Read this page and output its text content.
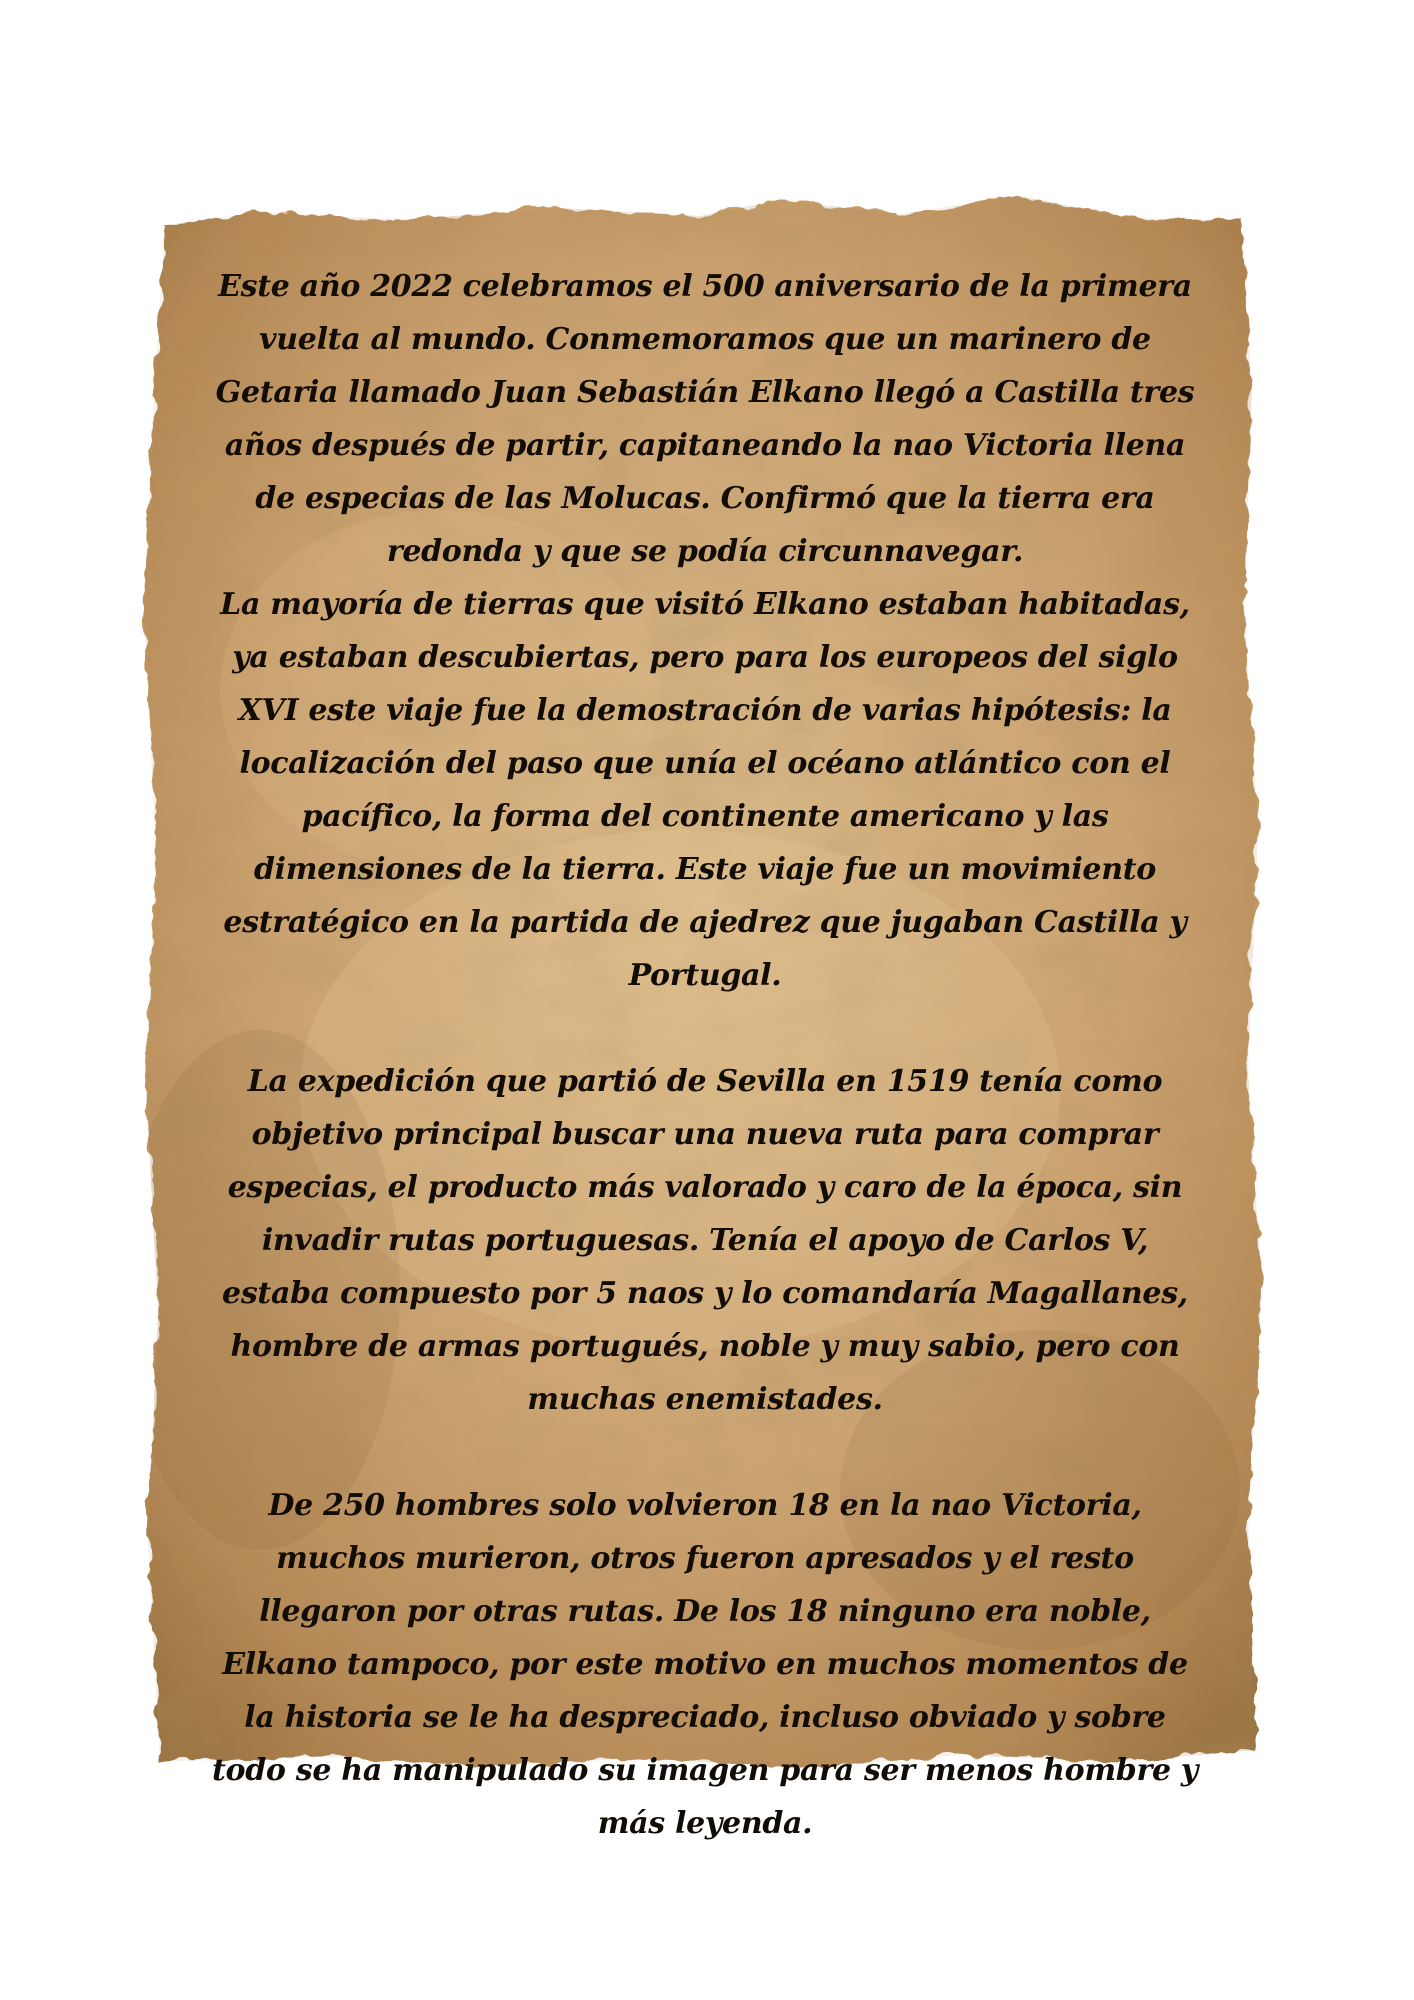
Este año 2022 celebramos el 500 aniversario de la primera vuelta al mundo. Conmemoramos que un marinero de Getaria llamado Juan Sebastián Elkano llegó a Castilla tres años después de partir, capitaneando la nao Victoria llena de especias de las Molucas. Confirmó que la tierra era redonda y que se podía circunnavegar.

La mayoría de tierras que visitó Elkano estaban habitadas, ya estaban descubiertas, pero para los europeos del siglo XVI este viaje fue la demostración de varias hipótesis: la localización del paso que unía el océano atlántico con el pacífico, la forma del continente americano y las dimensiones de la tierra. Este viaje fue un movimiento estratégico en la partida de ajedrez que jugaban Castilla y Portugal.

La expedición que partió de Sevilla en 1519 tenía como objetivo principal buscar una nueva ruta para comprar especias, el producto más valorado y caro de la época, sin invadir rutas portuguesas. Tenía el apoyo de Carlos V, estaba compuesto por 5 naos y lo comandaría Magallanes, hombre de armas portugués, noble y muy sabio, pero con muchas enemistades.

De 250 hombres solo volvieron 18 en la nao Victoria, muchos murieron, otros fueron apresados y el resto llegaron por otras rutas. De los 18 ninguno era noble, Elkano tampoco, por este motivo en muchos momentos de la historia se le ha despreciado, incluso obviado y sobre todo se ha manipulado su imagen para ser menos hombre y más leyenda.
